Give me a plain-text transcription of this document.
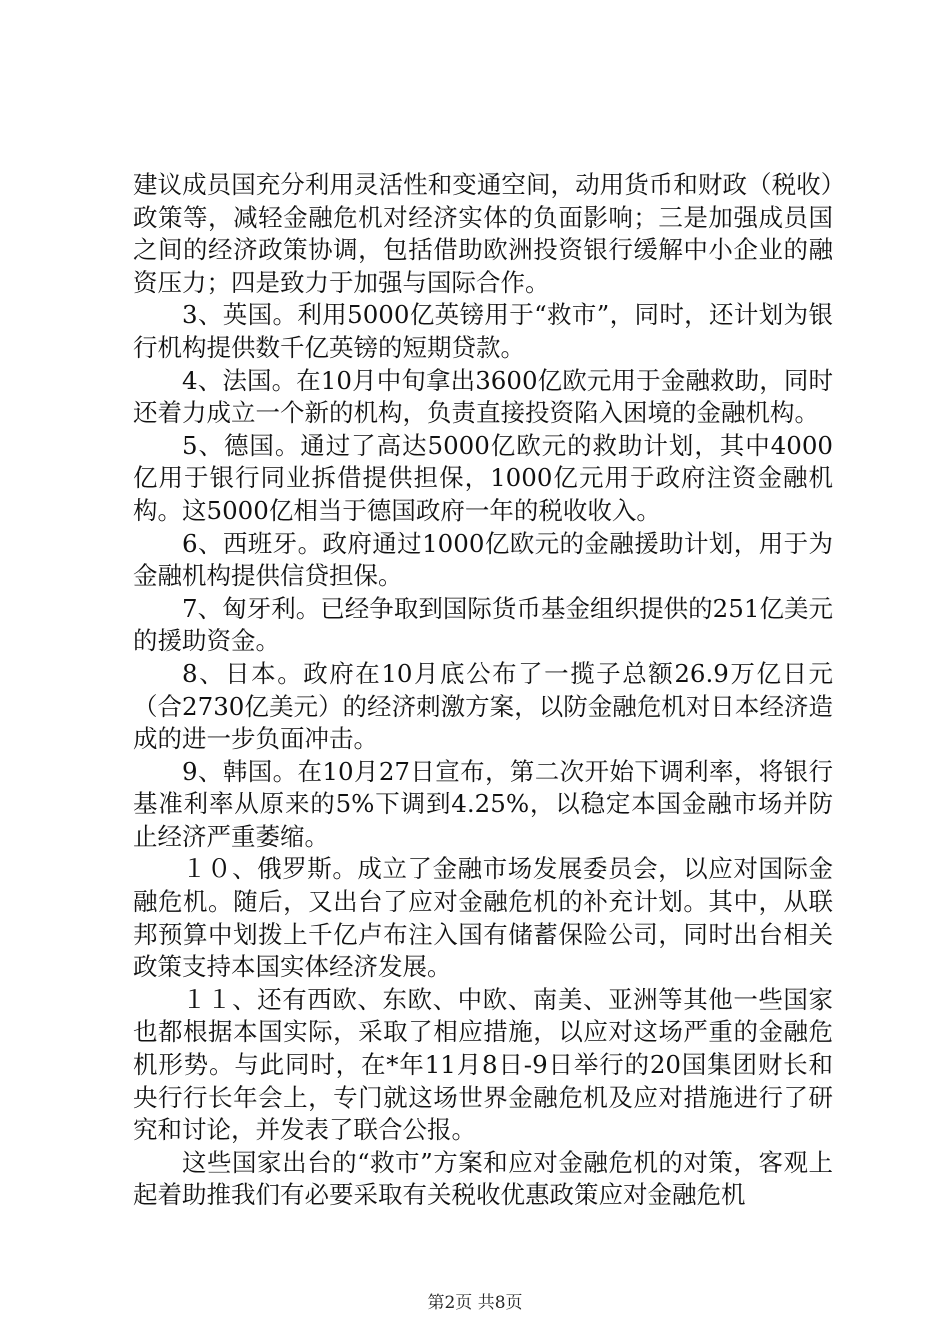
建议成员国充分利用灵活性和变通空间，动用货币和财政（税收）政策等，减轻金融危机对经济实体的负面影响；三是加强成员国之间的经济政策协调，包括借助欧洲投资银行缓解中小企业的融资压力；四是致力于加强与国际合作。

3、英国。利用5000亿英镑用于“救市”，同时，还计划为银行机构提供数千亿英镑的短期贷款。

4、法国。在10月中旬拿出3600亿欧元用于金融救助，同时还着力成立一个新的机构，负责直接投资陷入困境的金融机构。

5、德国。通过了高达5000亿欧元的救助计划，其中4000亿用于银行同业拆借提供担保，1000亿元用于政府注资金融机构。这5000亿相当于德国政府一年的税收收入。

6、西班牙。政府通过1000亿欧元的金融援助计划，用于为金融机构提供信贷担保。

7、匈牙利。已经争取到国际货币基金组织提供的251亿美元的援助资金。

8、日本。政府在10月底公布了一揽子总额26.9万亿日元（合2730亿美元）的经济刺激方案，以防金融危机对日本经济造成的进一步负面冲击。

9、韩国。在10月27日宣布，第二次开始下调利率，将银行基准利率从原来的5%下调到4.25%，以稳定本国金融市场并防止经济严重萎缩。

１０、俄罗斯。成立了金融市场发展委员会，以应对国际金融危机。随后，又出台了应对金融危机的补充计划。其中，从联邦预算中划拨上千亿卢布注入国有储蓄保险公司，同时出台相关政策支持本国实体经济发展。

１１、还有西欧、东欧、中欧、南美、亚洲等其他一些国家也都根据本国实际，采取了相应措施，以应对这场严重的金融危机形势。与此同时，在*年11月8日-9日举行的20国集团财长和央行行长年会上，专门就这场世界金融危机及应对措施进行了研究和讨论，并发表了联合公报。

这些国家出台的“救市”方案和应对金融危机的对策，客观上起着助推我们有必要采取有关税收优惠政策应对金融危机

第2页 共8页
